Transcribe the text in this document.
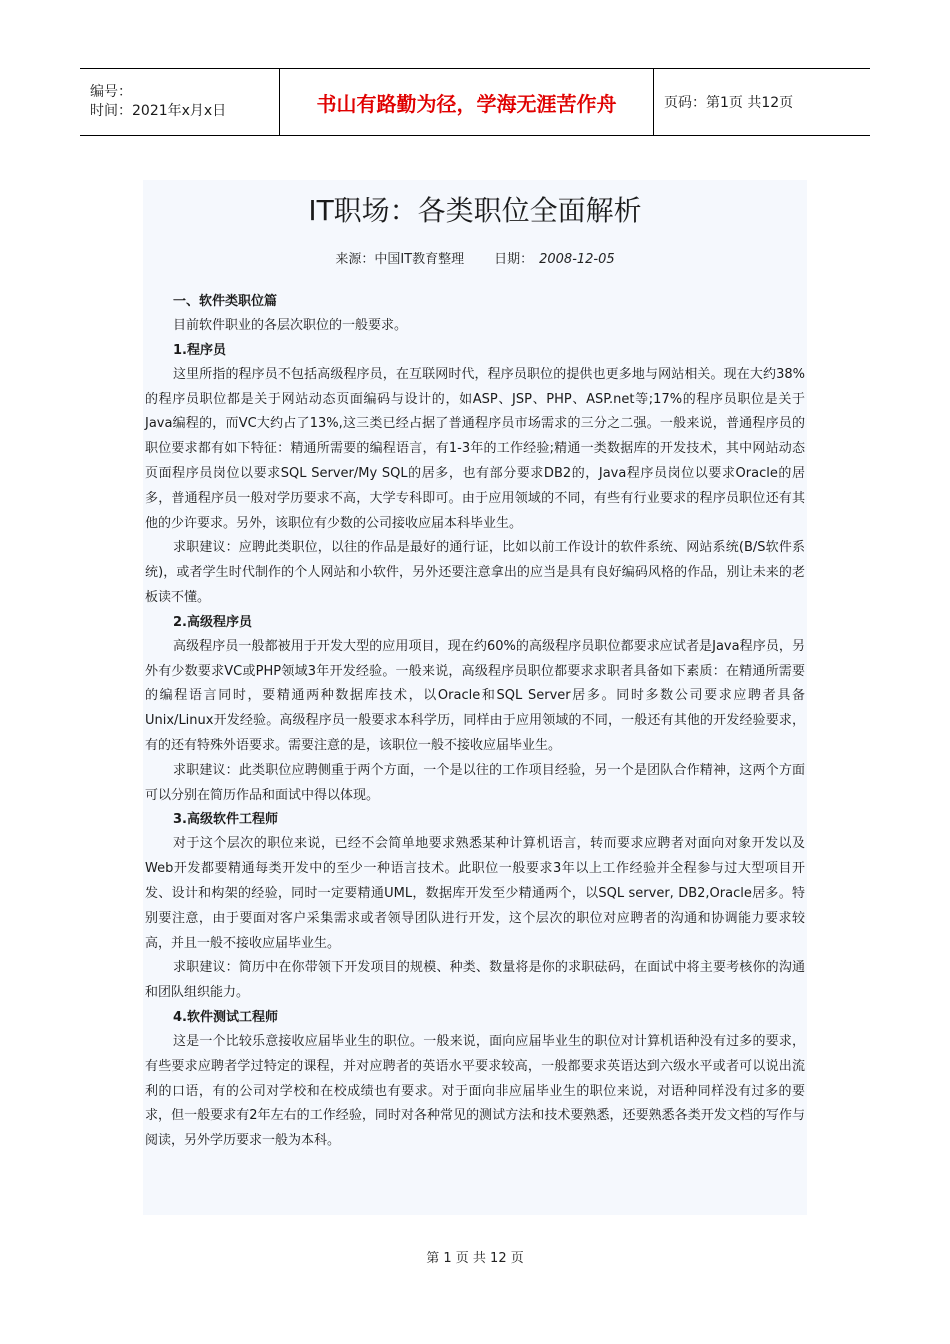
编号：
时间：2021年x月x日	书山有路勤为径，学海无涯苦作舟	页码：第1页 共12页
IT职场：各类职位全面解析
来源：中国IT教育整理 日期： 2008-12-05
一、软件类职位篇

目前软件职业的各层次职位的一般要求。

1.程序员

这里所指的程序员不包括高级程序员，在互联网时代，程序员职位的提供也更多地与网站相关。现在大约38%的程序员职位都是关于网站动态页面编码与设计的，如ASP、JSP、PHP、ASP.net等;17%的程序员职位是关于Java编程的，而VC大约占了13%,这三类已经占据了普通程序员市场需求的三分之二强。一般来说，普通程序员的职位要求都有如下特征：精通所需要的编程语言，有1-3年的工作经验;精通一类数据库的开发技术，其中网站动态页面程序员岗位以要求SQL Server/My SQL的居多，也有部分要求DB2的，Java程序员岗位以要求Oracle的居多，普通程序员一般对学历要求不高，大学专科即可。由于应用领域的不同，有些有行业要求的程序员职位还有其他的少许要求。另外，该职位有少数的公司接收应届本科毕业生。

求职建议：应聘此类职位，以往的作品是最好的通行证，比如以前工作设计的软件系统、网站系统(B/S软件系统)，或者学生时代制作的个人网站和小软件，另外还要注意拿出的应当是具有良好编码风格的作品，别让未来的老板读不懂。

2.高级程序员

高级程序员一般都被用于开发大型的应用项目，现在约60%的高级程序员职位都要求应试者是Java程序员，另外有少数要求VC或PHP领域3年开发经验。一般来说，高级程序员职位都要求求职者具备如下素质：在精通所需要的编程语言同时，要精通两种数据库技术，以Oracle和SQL Server居多。同时多数公司要求应聘者具备Unix/Linux开发经验。高级程序员一般要求本科学历，同样由于应用领域的不同，一般还有其他的开发经验要求，有的还有特殊外语要求。需要注意的是，该职位一般不接收应届毕业生。

求职建议：此类职位应聘侧重于两个方面，一个是以往的工作项目经验，另一个是团队合作精神，这两个方面可以分别在简历作品和面试中得以体现。

3.高级软件工程师

对于这个层次的职位来说，已经不会简单地要求熟悉某种计算机语言，转而要求应聘者对面向对象开发以及Web开发都要精通每类开发中的至少一种语言技术。此职位一般要求3年以上工作经验并全程参与过大型项目开发、设计和构架的经验，同时一定要精通UML，数据库开发至少精通两个，以SQL server, DB2,Oracle居多。特别要注意，由于要面对客户采集需求或者领导团队进行开发，这个层次的职位对应聘者的沟通和协调能力要求较高，并且一般不接收应届毕业生。

求职建议：简历中在你带领下开发项目的规模、种类、数量将是你的求职砝码，在面试中将主要考核你的沟通和团队组织能力。

4.软件测试工程师

这是一个比较乐意接收应届毕业生的职位。一般来说，面向应届毕业生的职位对计算机语种没有过多的要求，有些要求应聘者学过特定的课程，并对应聘者的英语水平要求较高，一般都要求英语达到六级水平或者可以说出流利的口语，有的公司对学校和在校成绩也有要求。对于面向非应届毕业生的职位来说，对语种同样没有过多的要求，但一般要求有2年左右的工作经验，同时对各种常见的测试方法和技术要熟悉，还要熟悉各类开发文档的写作与阅读，另外学历要求一般为本科。

第 1 页 共 12 页
